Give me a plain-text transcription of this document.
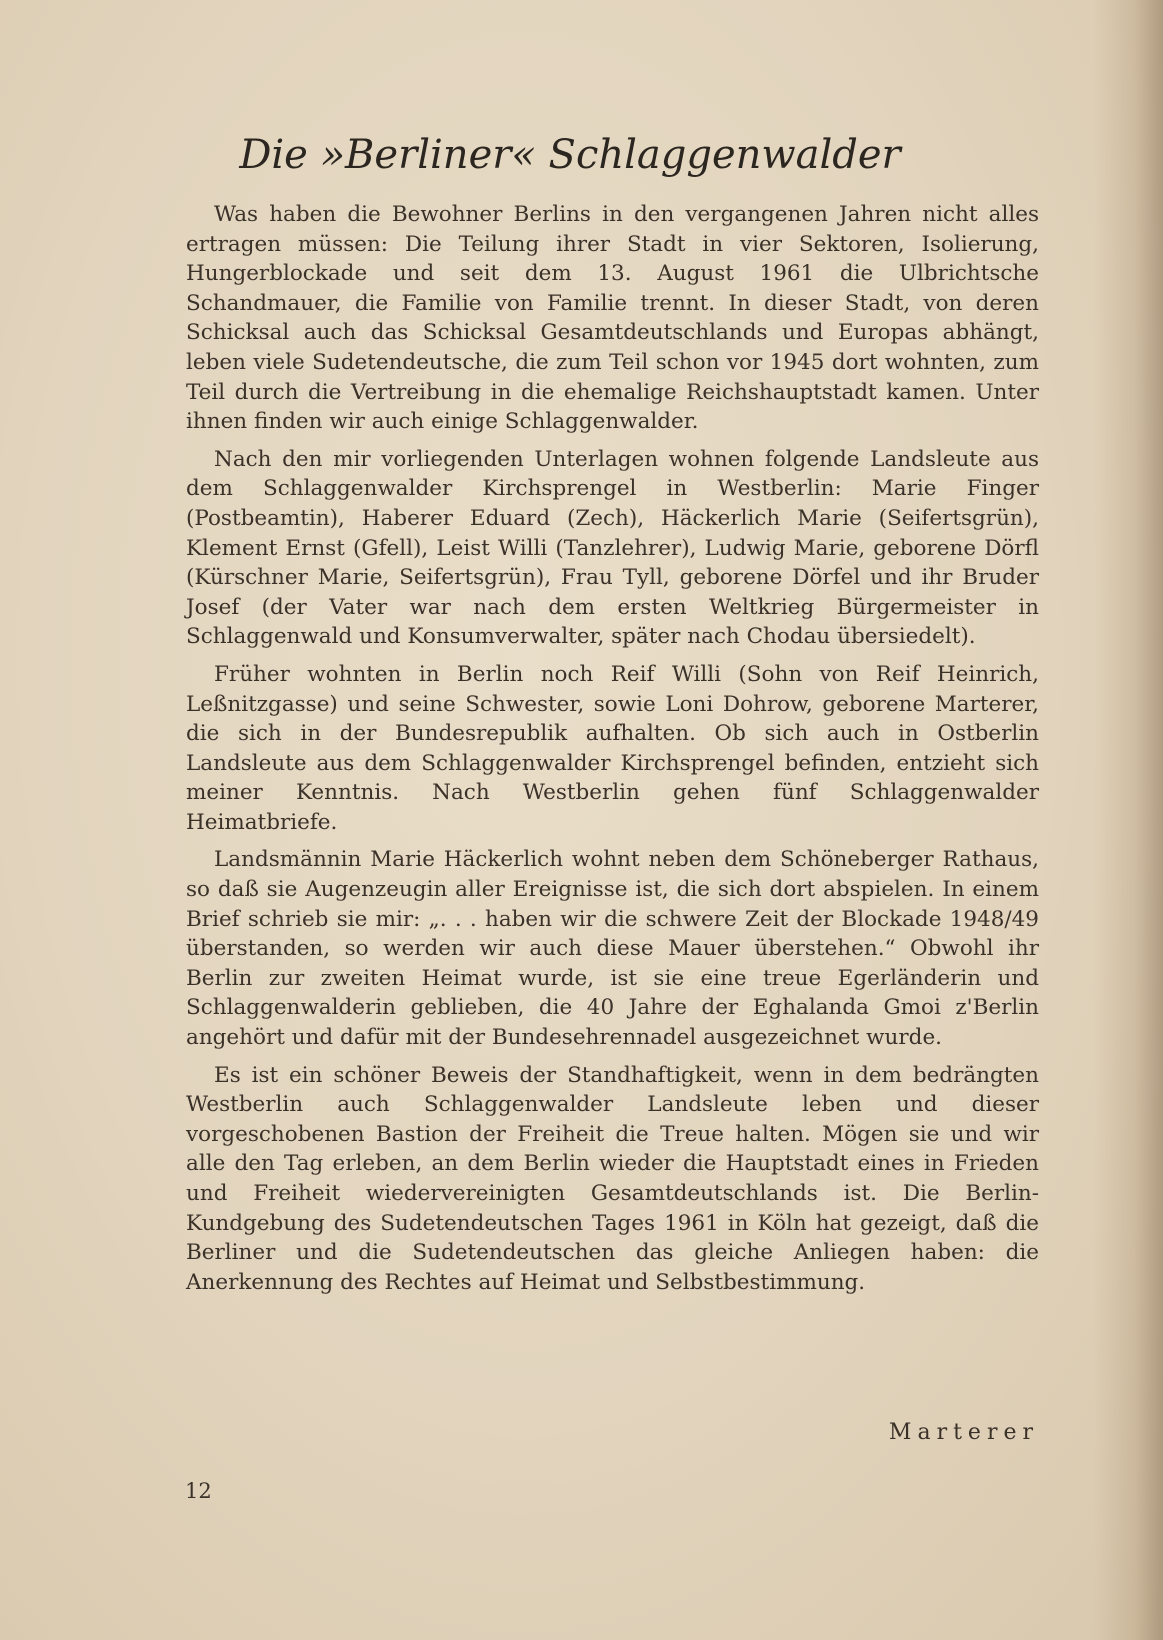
Die »Berliner« Schlaggenwalder

Was haben die Bewohner Berlins in den vergangenen Jahren nicht alles ertragen müssen: Die Teilung ihrer Stadt in vier Sektoren, Isolierung, Hungerblockade und seit dem 13. August 1961 die Ulbrichtsche Schandmauer, die Familie von Familie trennt. In dieser Stadt, von deren Schicksal auch das Schicksal Gesamtdeutschlands und Europas abhängt, leben viele Sudetendeutsche, die zum Teil schon vor 1945 dort wohnten, zum Teil durch die Vertreibung in die ehemalige Reichshauptstadt kamen. Unter ihnen finden wir auch einige Schlaggenwalder.

Nach den mir vorliegenden Unterlagen wohnen folgende Landsleute aus dem Schlaggenwalder Kirchsprengel in Westberlin: Marie Finger (Postbeamtin), Haberer Eduard (Zech), Häckerlich Marie (Seifertsgrün), Klement Ernst (Gfell), Leist Willi (Tanzlehrer), Ludwig Marie, geborene Dörfl (Kürschner Marie, Seifertsgrün), Frau Tyll, geborene Dörfel und ihr Bruder Josef (der Vater war nach dem ersten Weltkrieg Bürgermeister in Schlaggenwald und Konsumverwalter, später nach Chodau übersiedelt).

Früher wohnten in Berlin noch Reif Willi (Sohn von Reif Heinrich, Leßnitzgasse) und seine Schwester, sowie Loni Dohrow, geborene Marterer, die sich in der Bundesrepublik aufhalten. Ob sich auch in Ostberlin Landsleute aus dem Schlaggenwalder Kirchsprengel befinden, entzieht sich meiner Kenntnis. Nach Westberlin gehen fünf Schlaggenwalder Heimatbriefe.

Landsmännin Marie Häckerlich wohnt neben dem Schöneberger Rathaus, so daß sie Augenzeugin aller Ereignisse ist, die sich dort abspielen. In einem Brief schrieb sie mir: „. . . haben wir die schwere Zeit der Blockade 1948/49 überstanden, so werden wir auch diese Mauer überstehen.“ Obwohl ihr Berlin zur zweiten Heimat wurde, ist sie eine treue Egerländerin und Schlaggenwalderin geblieben, die 40 Jahre der Eghalanda Gmoi z'Berlin angehört und dafür mit der Bundesehrennadel ausgezeichnet wurde.

Es ist ein schöner Beweis der Standhaftigkeit, wenn in dem bedrängten Westberlin auch Schlaggenwalder Landsleute leben und dieser vorgeschobenen Bastion der Freiheit die Treue halten. Mögen sie und wir alle den Tag erleben, an dem Berlin wieder die Hauptstadt eines in Frieden und Freiheit wiedervereinigten Gesamtdeutschlands ist. Die Berlin-Kundgebung des Sudetendeutschen Tages 1961 in Köln hat gezeigt, daß die Berliner und die Sudetendeutschen das gleiche Anliegen haben: die Anerkennung des Rechtes auf Heimat und Selbstbestimmung.

Marterer
12
